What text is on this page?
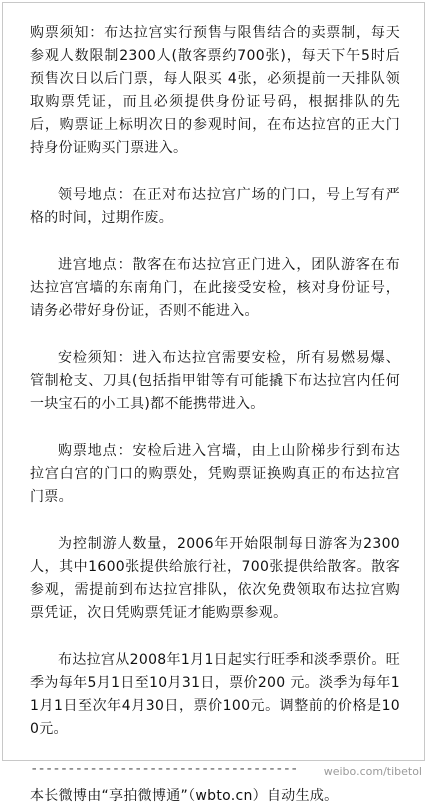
购票须知：布达拉宫实行预售与限售结合的卖票制，每天参观人数限制2300人(散客票约700张)，每天下午5时后预售次日以后门票，每人限买 4张，必须提前一天排队领取购票凭证，而且必须提供身份证号码，根据排队的先后，购票证上标明次日的参观时间，在布达拉宫的正大门持身份证购买门票进入。

领号地点：在正对布达拉宫广场的门口，号上写有严格的时间，过期作废。

进宫地点：散客在布达拉宫正门进入，团队游客在布达拉宫宫墙的东南角门，在此接受安检，核对身份证号，请务必带好身份证，否则不能进入。

安检须知：进入布达拉宫需要安检，所有易燃易爆、管制枪支、刀具(包括指甲钳等有可能撬下布达拉宫内任何一块宝石的小工具)都不能携带进入。

购票地点：安检后进入宫墙，由上山阶梯步行到布达拉宫白宫的门口的购票处，凭购票证换购真正的布达拉宫门票。

为控制游人数量，2006年开始限制每日游客为2300人，其中1600张提供给旅行社，700张提供给散客。散客参观，需提前到布达拉宫排队，依次免费领取布达拉宫购票凭证，次日凭购票凭证才能购票参观。

布达拉宫从2008年1月1日起实行旺季和淡季票价。旺季为每年5月1日至10月31日，票价200 元。淡季为每年11月1日至次年4月30日，票价100元。调整前的价格是100元。

------------------------------------
本长微博由“享拍微博通”（wbto.cn）自动生成。
weibo.com/tibetol
